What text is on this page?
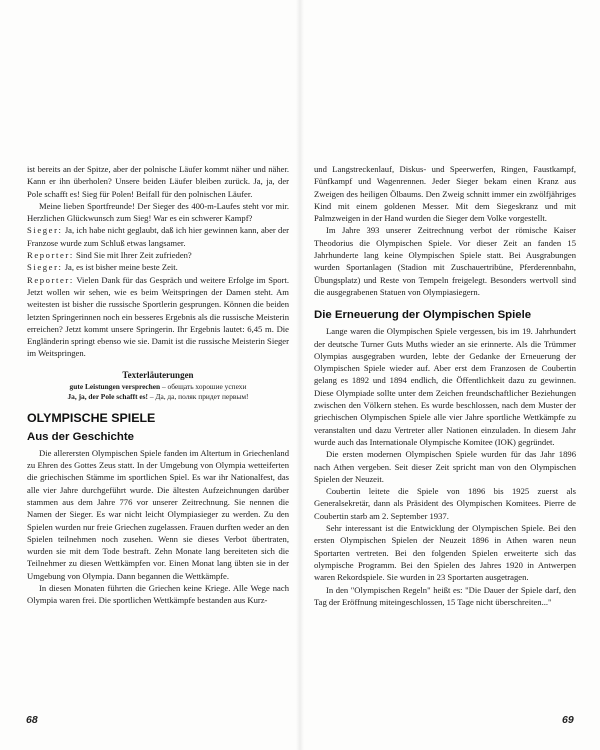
ist bereits an der Spitze, aber der polnische Läufer kommt näher und näher. Kann er ihn überholen? Unsere beiden Läufer bleiben zurück. Ja, ja, der Pole schafft es! Sieg für Polen! Beifall für den polnischen Läufer.

Meine lieben Sportfreunde! Der Sieger des 400-m-Laufes steht vor mir. Herzlichen Glückwunsch zum Sieg! War es ein schwerer Kampf?

Sieger: Ja, ich habe nicht geglaubt, daß ich hier gewinnen kann, aber der Franzose wurde zum Schluß etwas langsamer.

Reporter: Sind Sie mit Ihrer Zeit zufrieden?

Sieger: Ja, es ist bisher meine beste Zeit.

Reporter: Vielen Dank für das Gespräch und weitere Erfolge im Sport. Jetzt wollen wir sehen, wie es beim Weitspringen der Damen steht. Am weitesten ist bisher die russische Sportlerin gesprungen. Können die beiden letzten Springerinnen noch ein besseres Ergebnis als die russische Meisterin erreichen? Jetzt kommt unsere Springerin. Ihr Ergebnis lautet: 6,45 m. Die Engländerin springt ebenso wie sie. Damit ist die russische Meisterin Sieger im Weitspringen.

Texterläuterungen
gute Leistungen versprechen – обещать хорошие успехи
Ja, ja, der Pole schafft es! – Да, да, поляк придет первым!
OLYMPISCHE SPIELE
Aus der Geschichte

Die allerersten Olympischen Spiele fanden im Altertum in Griechenland zu Ehren des Gottes Zeus statt. In der Umgebung von Olympia wetteiferten die griechischen Stämme im sportlichen Spiel. Es war ihr Nationalfest, das alle vier Jahre durchgeführt wurde. Die ältesten Aufzeichnungen darüber stammen aus dem Jahre 776 vor unserer Zeitrechnung. Sie nennen die Namen der Sieger. Es war nicht leicht Olympiasieger zu werden. Zu den Spielen wurden nur freie Griechen zugelassen. Frauen durften weder an den Spielen teilnehmen noch zusehen. Wenn sie dieses Verbot übertraten, wurden sie mit dem Tode bestraft. Zehn Monate lang bereiteten sich die Teilnehmer zu diesen Wettkämpfen vor. Einen Monat lang übten sie in der Umgebung von Olympia. Dann begannen die Wettkämpfe.

In diesen Monaten führten die Griechen keine Kriege. Alle Wege nach Olympia waren frei. Die sportlichen Wettkämpfe bestanden aus Kurz-

68

und Langstreckenlauf, Diskus- und Speerwerfen, Ringen, Faustkampf, Fünfkampf und Wagenrennen. Jeder Sieger bekam einen Kranz aus Zweigen des heiligen Ölbaums. Den Zweig schnitt immer ein zwölfjähriges Kind mit einem goldenen Messer. Mit dem Siegeskranz und mit Palmzweigen in der Hand wurden die Sieger dem Volke vorgestellt.

Im Jahre 393 unserer Zeitrechnung verbot der römische Kaiser Theodorius die Olympischen Spiele. Vor dieser Zeit an fanden 15 Jahrhunderte lang keine Olympischen Spiele statt. Bei Ausgrabungen wurden Sportanlagen (Stadion mit Zuschauertribüne, Pferderennbahn, Übungsplatz) und Reste von Tempeln freigelegt. Besonders wertvoll sind die ausgegrabenen Statuen von Olympiasiegern.

Die Erneuerung der Olympischen Spiele

Lange waren die Olympischen Spiele vergessen, bis im 19. Jahrhundert der deutsche Turner Guts Muths wieder an sie erinnerte. Als die Trümmer Olympias ausgegraben wurden, lebte der Gedanke der Erneuerung der Olympischen Spiele wieder auf. Aber erst dem Franzosen de Coubertin gelang es 1892 und 1894 endlich, die Öffentlichkeit dazu zu gewinnen. Diese Olympiade sollte unter dem Zeichen freundschaftlicher Beziehungen zwischen den Völkern stehen. Es wurde beschlossen, nach dem Muster der griechischen Olympischen Spiele alle vier Jahre sportliche Wettkämpfe zu veranstalten und dazu Vertreter aller Nationen einzuladen. In diesem Jahr wurde auch das Internationale Olympische Komitee (IOK) gegründet.

Die ersten modernen Olympischen Spiele wurden für das Jahr 1896 nach Athen vergeben. Seit dieser Zeit spricht man von den Olympischen Spielen der Neuzeit.

Coubertin leitete die Spiele von 1896 bis 1925 zuerst als Generalsekretär, dann als Präsident des Olympischen Komitees. Pierre de Coubertin starb am 2. September 1937.

Sehr interessant ist die Entwicklung der Olympischen Spiele. Bei den ersten Olympischen Spielen der Neuzeit 1896 in Athen waren neun Sportarten vertreten. Bei den folgenden Spielen erweiterte sich das olympische Programm. Bei den Spielen des Jahres 1920 in Antwerpen waren Rekordspiele. Sie wurden in 23 Sportarten ausgetragen.

In den "Olympischen Regeln" heißt es: "Die Dauer der Spiele darf, den Tag der Eröffnung miteingeschlossen, 15 Tage nicht überschreiten..."

69
